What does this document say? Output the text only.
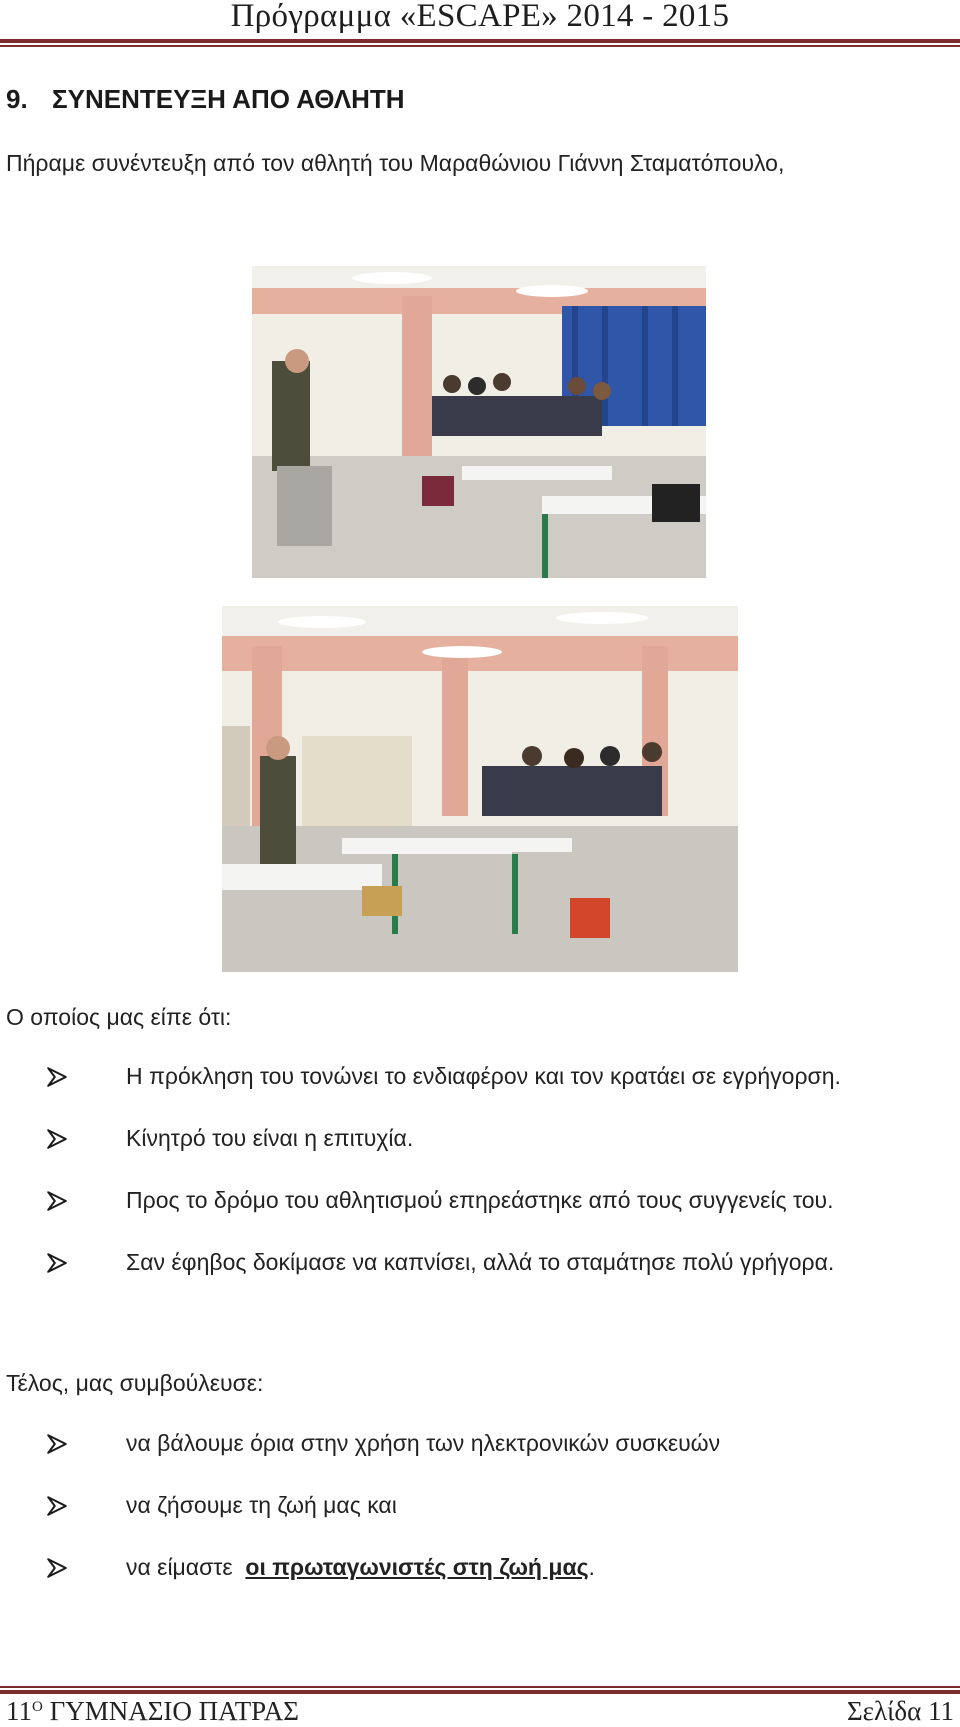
Πρόγραμμα «ESCAPE» 2014 - 2015
9. ΣΥΝΕΝΤΕΥΞΗ ΑΠΟ ΑΘΛΗΤΗ
Πήραμε συνέντευξη από τον αθλητή του Μαραθώνιου Γιάννη Σταματόπουλο,
Ο οποίος μας είπε ότι:
Η πρόκληση του τονώνει το ενδιαφέρον και τον κρατάει σε εγρήγορση.
Κίνητρό του είναι η επιτυχία.
Προς το δρόμο του αθλητισμού επηρεάστηκε από τους συγγενείς του.
Σαν έφηβος δοκίμασε να καπνίσει, αλλά το σταμάτησε πολύ γρήγορα.
Τέλος, μας συμβούλευσε:
να βάλουμε όρια στην χρήση των ηλεκτρονικών συσκευών
να ζήσουμε τη ζωή μας και
να είμαστε  οι πρωταγωνιστές στη ζωή μας.
$11^O$ ΓΥΜΝΑΣΙΟ ΠΑΤΡΑΣ	Σελίδα 11
